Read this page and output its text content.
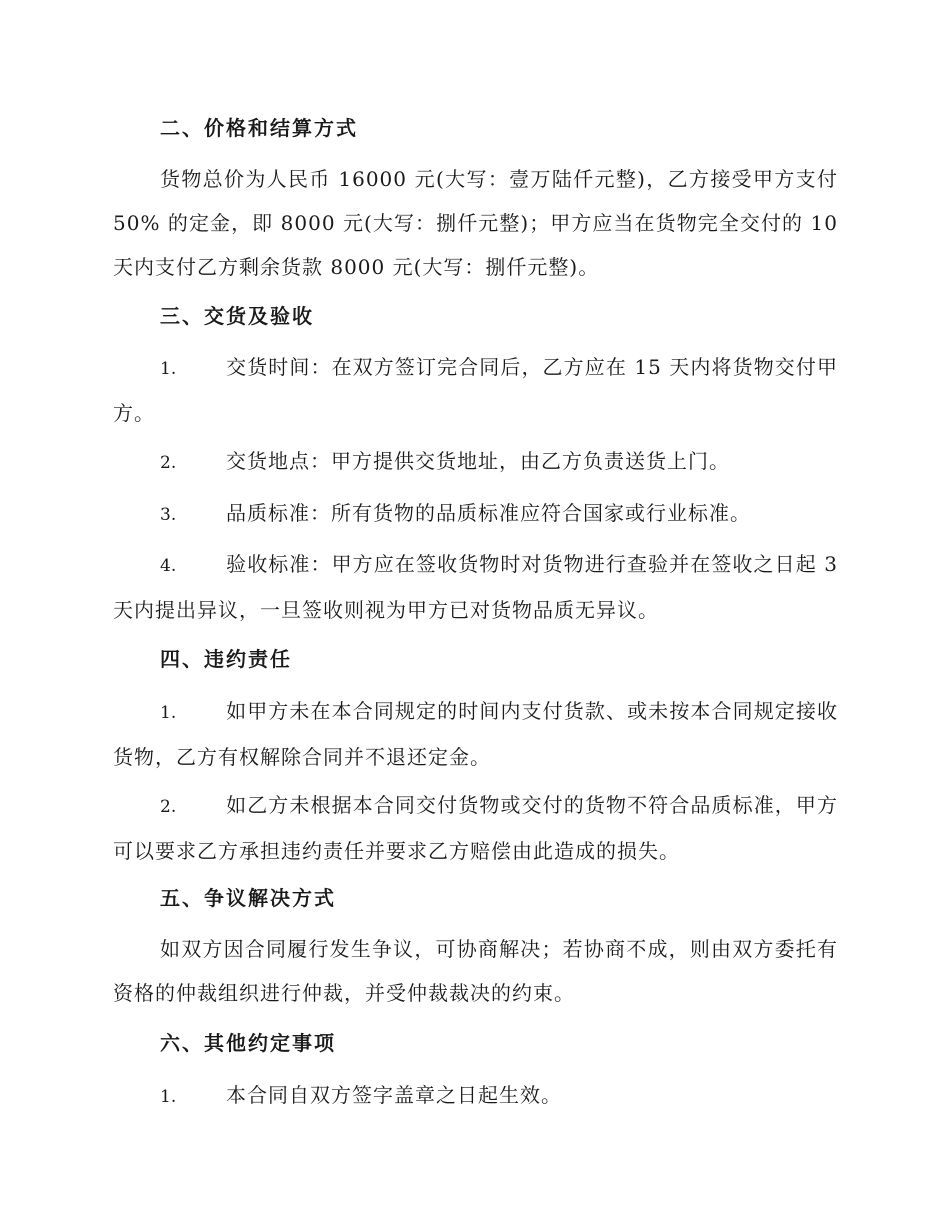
二、价格和结算方式
货物总价为人民币 16000 元(大写：壹万陆仟元整)，乙方接受甲方支付 50% 的定金，即 8000 元(大写：捌仟元整)；甲方应当在货物完全交付的 10 天内支付乙方剩余货款 8000 元(大写：捌仟元整)。
三、交货及验收
1. 交货时间：在双方签订完合同后，乙方应在 15 天内将货物交付甲方。
2. 交货地点：甲方提供交货地址，由乙方负责送货上门。
3. 品质标准：所有货物的品质标准应符合国家或行业标准。
4. 验收标准：甲方应在签收货物时对货物进行查验并在签收之日起 3 天内提出异议，一旦签收则视为甲方已对货物品质无异议。
四、违约责任
1. 如甲方未在本合同规定的时间内支付货款、或未按本合同规定接收货物，乙方有权解除合同并不退还定金。
2. 如乙方未根据本合同交付货物或交付的货物不符合品质标准，甲方可以要求乙方承担违约责任并要求乙方赔偿由此造成的损失。
五、争议解决方式
如双方因合同履行发生争议，可协商解决；若协商不成，则由双方委托有资格的仲裁组织进行仲裁，并受仲裁裁决的约束。
六、其他约定事项
1. 本合同自双方签字盖章之日起生效。
